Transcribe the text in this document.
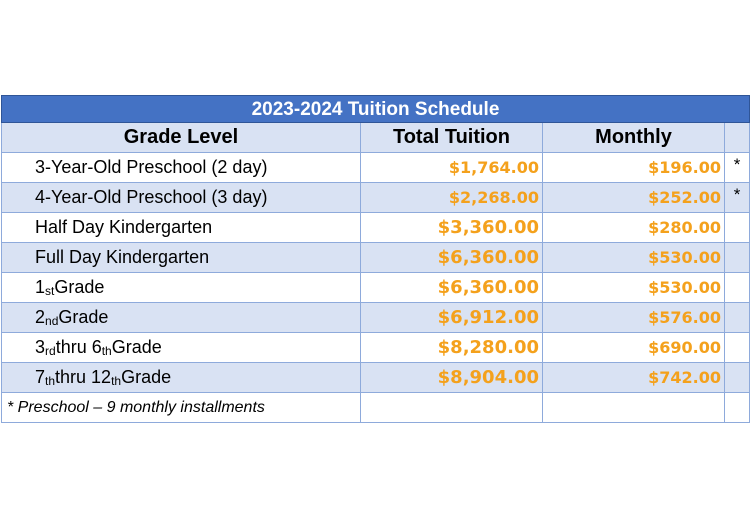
2023-2024 Tuition Schedule
Grade Level	Total Tuition	Monthly
3-Year-Old Preschool (2 day)	$1,764.00	$196.00 *
4-Year-Old Preschool (3 day)	$2,268.00	$252.00 *
Half Day Kindergarten	$3,360.00	$280.00
Full Day Kindergarten	$6,360.00	$530.00
1 st Grade	$6,360.00	$530.00
2 nd Grade	$6,912.00	$576.00
3 rd thru 6 th Grade	$8,280.00	$690.00
7 th thru 12 th Grade	$8,904.00	$742.00
* Preschool – 9 monthly installments
